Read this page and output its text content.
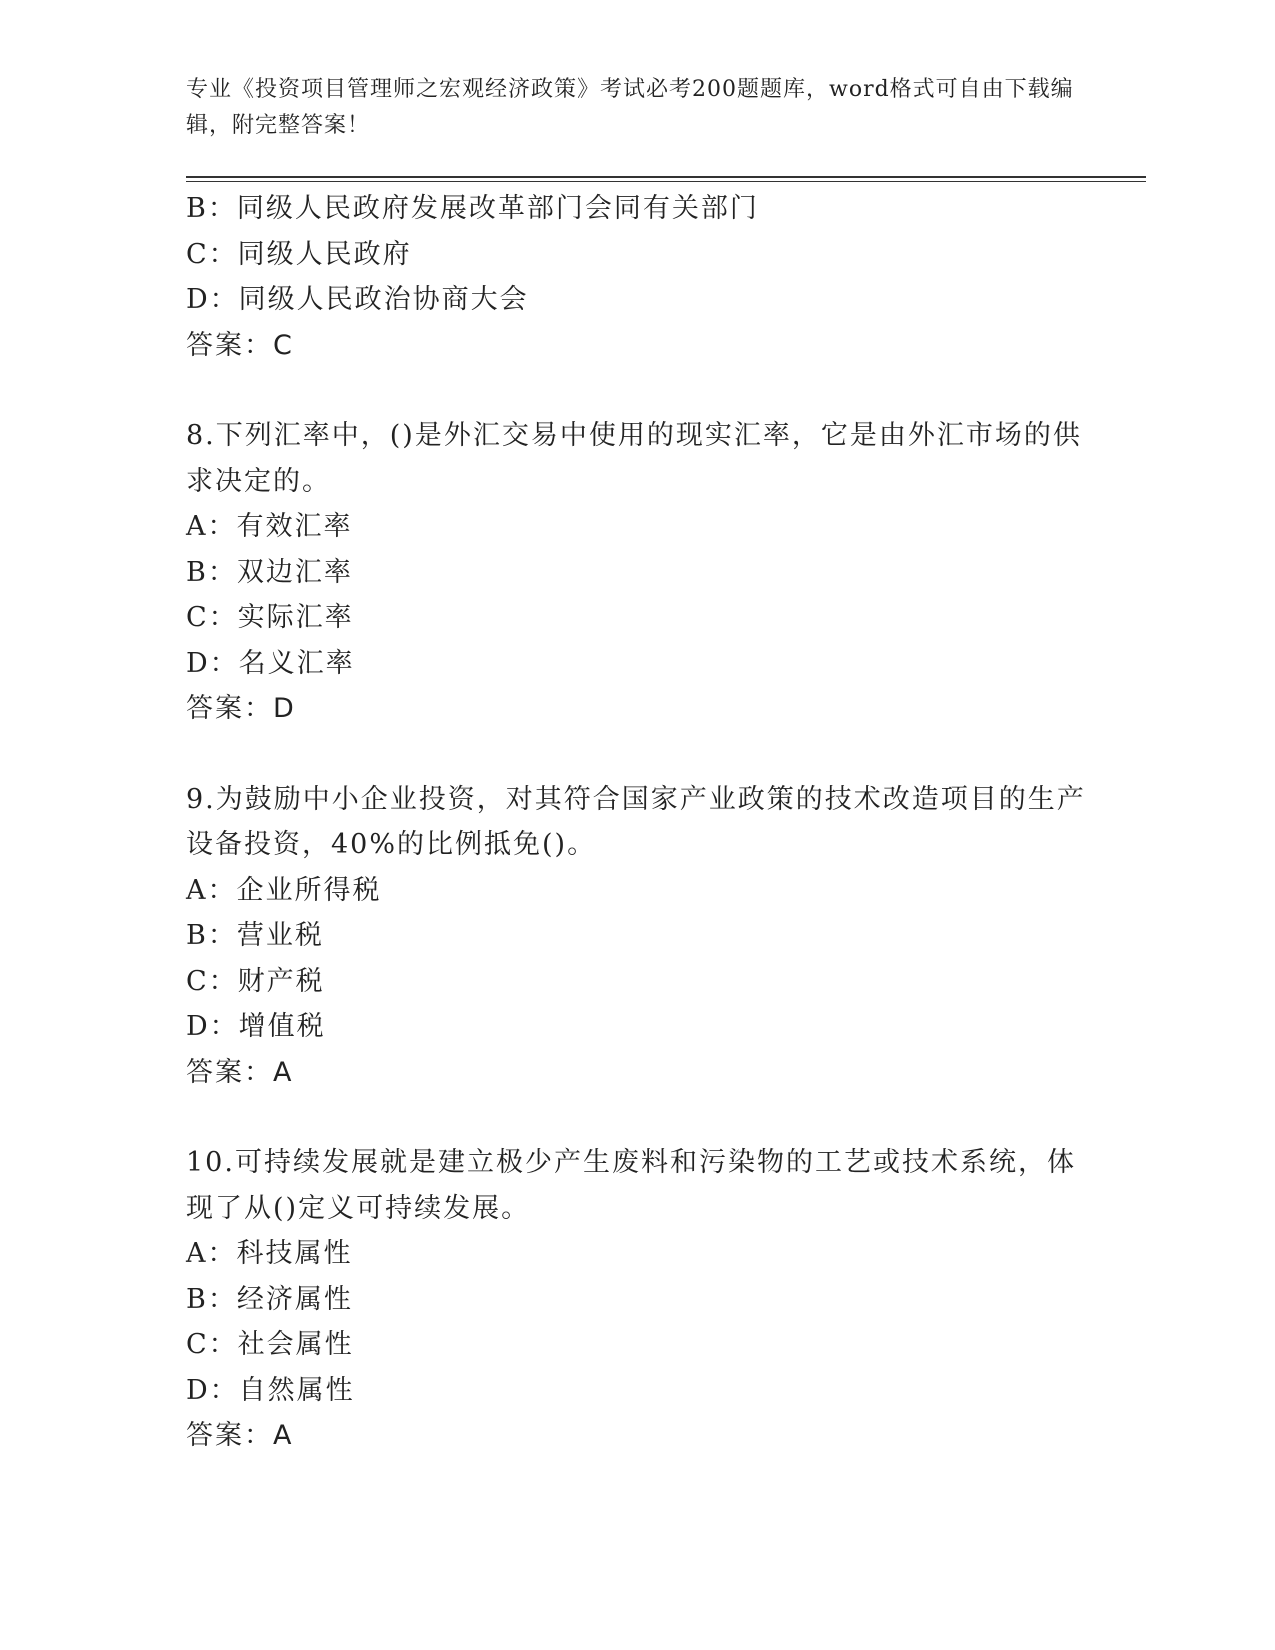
专业《投资项目管理师之宏观经济政策》考试必考200题题库，word格式可自由下载编辑，附完整答案！
B：同级人民政府发展改革部门会同有关部门
C：同级人民政府
D：同级人民政治协商大会
答案：C
8.下列汇率中，()是外汇交易中使用的现实汇率，它是由外汇市场的供求决定的。
A：有效汇率
B：双边汇率
C：实际汇率
D：名义汇率
答案：D
9.为鼓励中小企业投资，对其符合国家产业政策的技术改造项目的生产设备投资，40%的比例抵免()。
A：企业所得税
B：营业税
C：财产税
D：增值税
答案：A
10.可持续发展就是建立极少产生废料和污染物的工艺或技术系统，体现了从()定义可持续发展。
A：科技属性
B：经济属性
C：社会属性
D：自然属性
答案：A
